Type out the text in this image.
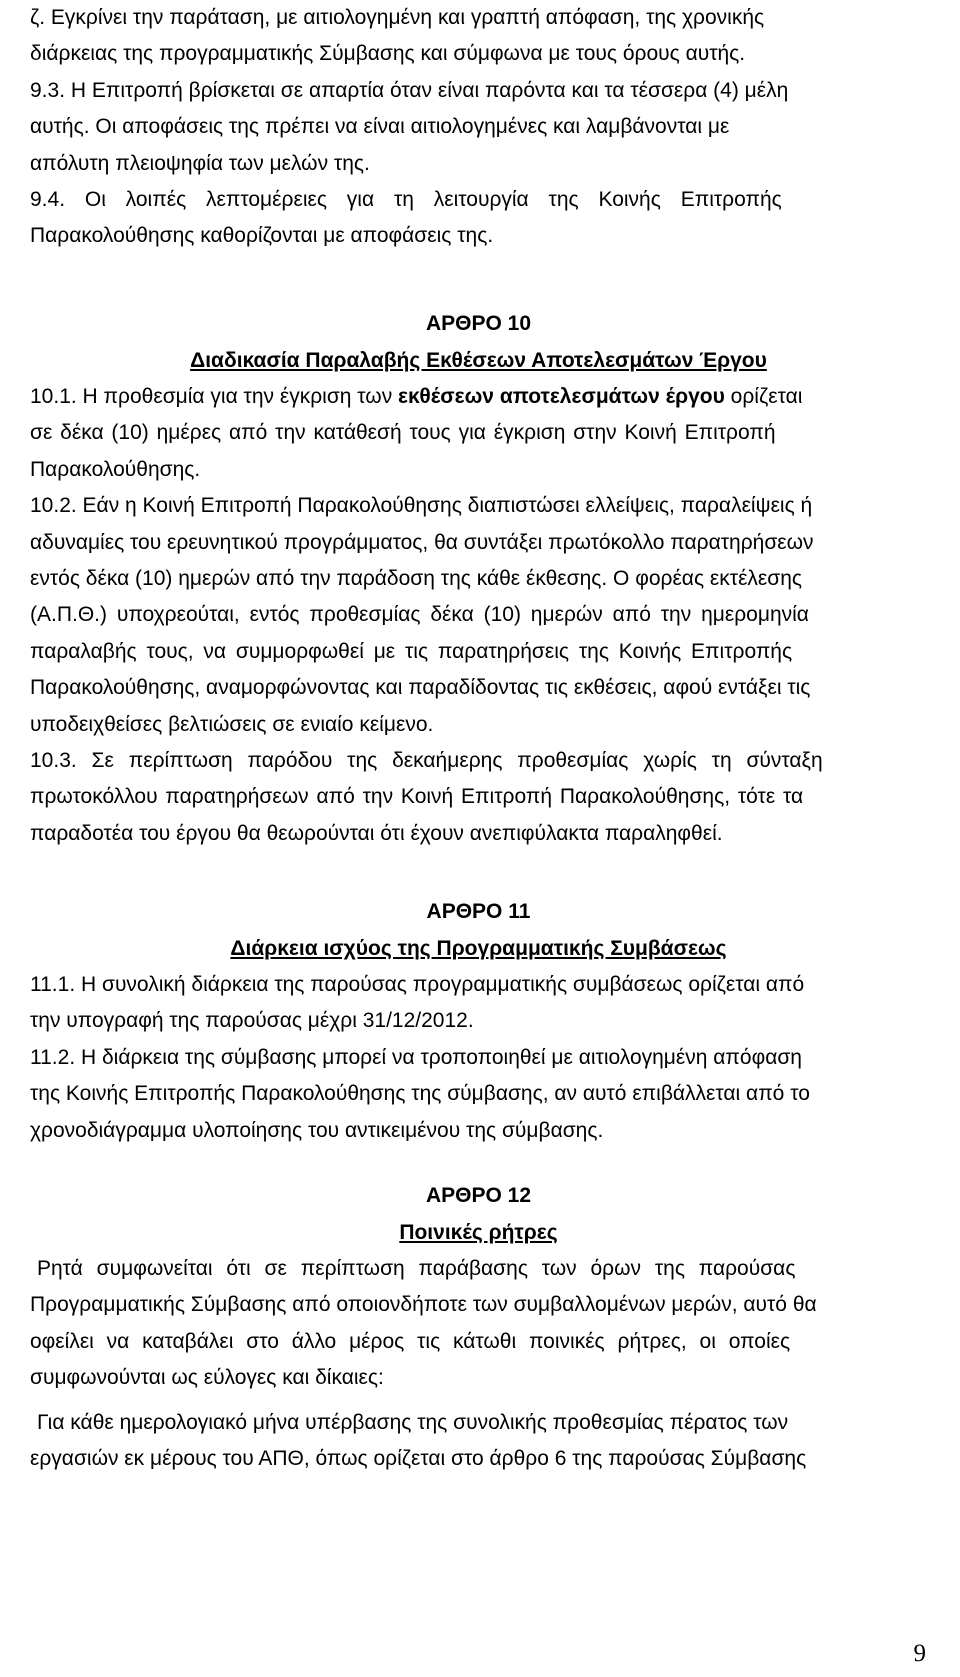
ζ. Εγκρίνει την παράταση, με αιτιολογημένη και γραπτή απόφαση, της χρονικής

διάρκειας της προγραμματικής Σύμβασης και σύμφωνα με τους όρους αυτής.

9.3. Η Επιτροπή βρίσκεται σε απαρτία όταν είναι παρόντα και τα τέσσερα (4) μέλη

αυτής. Οι αποφάσεις της πρέπει να είναι αιτιολογημένες και λαμβάνονται με

απόλυτη πλειοψηφία των μελών της.

9.4. Οι λοιπές λεπτομέρειες για τη λειτουργία της Κοινής Επιτροπής

Παρακολούθησης καθορίζονται με αποφάσεις της.

ΑΡΘΡΟ 10

Διαδικασία Παραλαβής Εκθέσεων Αποτελεσμάτων Έργου

10.1. Η προθεσμία για την έγκριση των εκθέσεων αποτελεσμάτων έργου ορίζεται

σε δέκα (10) ημέρες από την κατάθεσή τους για έγκριση στην Κοινή Επιτροπή

Παρακολούθησης.

10.2. Εάν η Κοινή Επιτροπή Παρακολούθησης διαπιστώσει ελλείψεις, παραλείψεις ή

αδυναμίες του ερευνητικού προγράμματος, θα συντάξει πρωτόκολλο παρατηρήσεων

εντός δέκα (10) ημερών από την παράδοση της κάθε έκθεσης. Ο φορέας εκτέλεσης

(Α.Π.Θ.) υποχρεούται, εντός προθεσμίας δέκα (10) ημερών από την ημερομηνία

παραλαβής τους, να συμμορφωθεί με τις παρατηρήσεις της Κοινής Επιτροπής

Παρακολούθησης, αναμορφώνοντας και παραδίδοντας τις εκθέσεις, αφού εντάξει τις

υποδειχθείσες βελτιώσεις σε ενιαίο κείμενο.

10.3. Σε περίπτωση παρόδου της δεκαήμερης προθεσμίας χωρίς τη σύνταξη

πρωτοκόλλου παρατηρήσεων από την Κοινή Επιτροπή Παρακολούθησης, τότε τα

παραδοτέα του έργου θα θεωρούνται ότι έχουν ανεπιφύλακτα παραληφθεί.

ΑΡΘΡΟ 11

Διάρκεια ισχύος της Προγραμματικής Συμβάσεως

11.1. Η συνολική διάρκεια της παρούσας προγραμματικής συμβάσεως ορίζεται από

την υπογραφή της παρούσας μέχρι 31/12/2012.

11.2. Η διάρκεια της σύμβασης μπορεί να τροποποιηθεί με αιτιολογημένη απόφαση

της Κοινής Επιτροπής Παρακολούθησης της σύμβασης, αν αυτό επιβάλλεται από το

χρονοδιάγραμμα υλοποίησης του αντικειμένου της σύμβασης.

ΑΡΘΡΟ 12

Ποινικές ρήτρες

Ρητά συμφωνείται ότι σε περίπτωση παράβασης των όρων της παρούσας

Προγραμματικής Σύμβασης από οποιονδήποτε των συμβαλλομένων μερών, αυτό θα

οφείλει να καταβάλει στο άλλο μέρος τις κάτωθι ποινικές ρήτρες, οι οποίες

συμφωνούνται ως εύλογες και δίκαιες:

Για κάθε ημερολογιακό μήνα υπέρβασης της συνολικής προθεσμίας πέρατος των

εργασιών εκ μέρους του ΑΠΘ, όπως ορίζεται στο άρθρο 6 της παρούσας Σύμβασης

9
